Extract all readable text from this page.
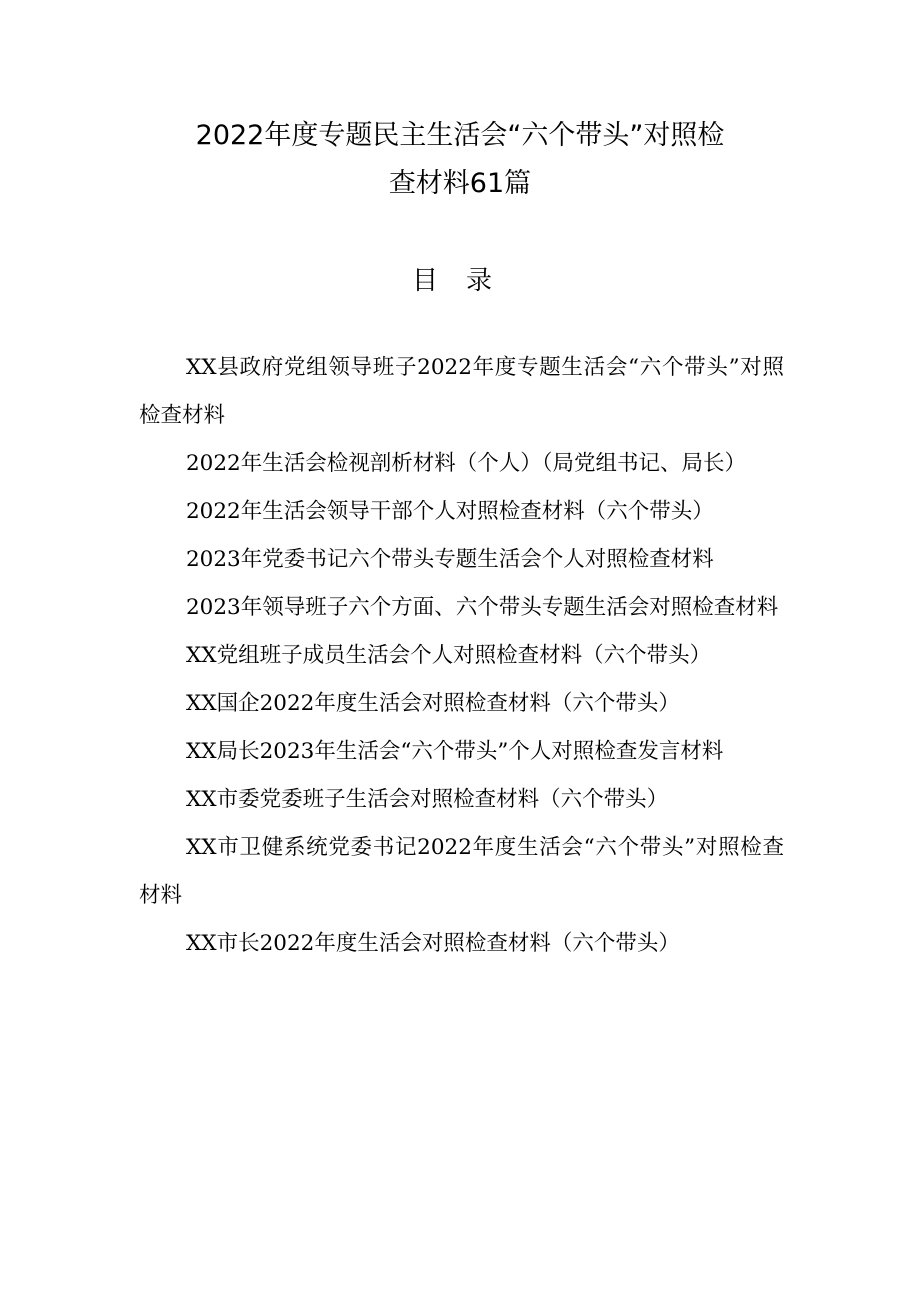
2022年度专题民主生活会“六个带头”对照检
查材料61篇
目录
XX县政府党组领导班子2022年度专题生活会“六个带头”对照检查材料
2022年生活会检视剖析材料（个人）（局党组书记、局长）
2022年生活会领导干部个人对照检查材料（六个带头）
2023年党委书记六个带头专题生活会个人对照检查材料
2023年领导班子六个方面、六个带头专题生活会对照检查材料
XX党组班子成员生活会个人对照检查材料（六个带头）
XX国企2022年度生活会对照检查材料（六个带头）
XX局长2023年生活会“六个带头”个人对照检查发言材料
XX市委党委班子生活会对照检查材料（六个带头）
XX市卫健系统党委书记2022年度生活会“六个带头”对照检查材料
XX市长2022年度生活会对照检查材料（六个带头）
